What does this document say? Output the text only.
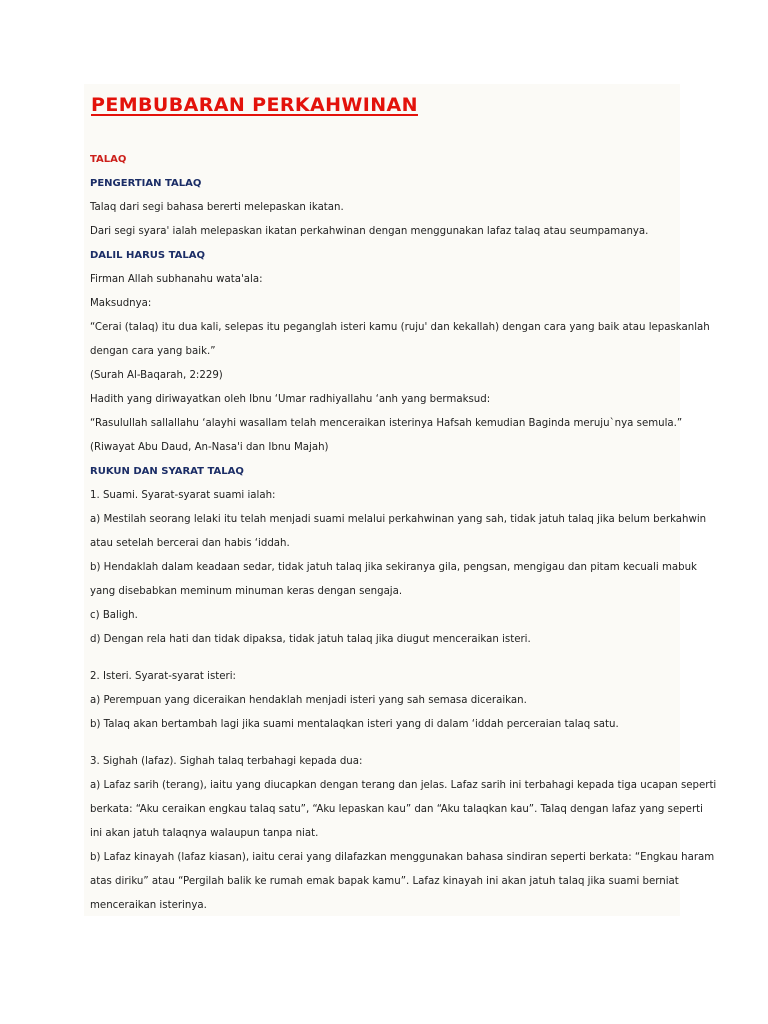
PEMBUBARAN PERKAHWINAN

TALAQ

PENGERTIAN TALAQ

Talaq dari segi bahasa bererti melepaskan ikatan.

Dari segi syara' ialah melepaskan ikatan perkahwinan dengan menggunakan lafaz talaq atau seumpamanya.

DALIL HARUS TALAQ

Firman Allah subhanahu wata'ala:

Maksudnya:

“Cerai (talaq) itu dua kali, selepas itu peganglah isteri kamu (ruju' dan kekallah) dengan cara yang baik atau lepaskanlah

dengan cara yang baik.”

(Surah Al-Baqarah, 2:229)

Hadith yang diriwayatkan oleh Ibnu ‘Umar radhiyallahu ‘anh yang bermaksud:

“Rasulullah sallallahu ‘alayhi wasallam telah menceraikan isterinya Hafsah kemudian Baginda meruju`nya semula.”

(Riwayat Abu Daud, An-Nasa'i dan Ibnu Majah)

RUKUN DAN SYARAT TALAQ

1. Suami. Syarat-syarat suami ialah:

a) Mestilah seorang lelaki itu telah menjadi suami melalui perkahwinan yang sah, tidak jatuh talaq jika belum berkahwin

atau setelah bercerai dan habis ‘iddah.

b) Hendaklah dalam keadaan sedar, tidak jatuh talaq jika sekiranya gila, pengsan, mengigau dan pitam kecuali mabuk

yang disebabkan meminum minuman keras dengan sengaja.

c) Baligh.

d) Dengan rela hati dan tidak dipaksa, tidak jatuh talaq jika diugut menceraikan isteri.

2. Isteri. Syarat-syarat isteri:

a) Perempuan yang diceraikan hendaklah menjadi isteri yang sah semasa diceraikan.

b) Talaq akan bertambah lagi jika suami mentalaqkan isteri yang di dalam ‘iddah perceraian talaq satu.

3. Sighah (lafaz). Sighah talaq terbahagi kepada dua:

a) Lafaz sarih (terang), iaitu yang diucapkan dengan terang dan jelas. Lafaz sarih ini terbahagi kepada tiga ucapan seperti

berkata: “Aku ceraikan engkau talaq satu”, “Aku lepaskan kau” dan “Aku talaqkan kau”. Talaq dengan lafaz yang seperti

ini akan jatuh talaqnya walaupun tanpa niat.

b) Lafaz kinayah (lafaz kiasan), iaitu cerai yang dilafazkan menggunakan bahasa sindiran seperti berkata: “Engkau haram

atas diriku” atau “Pergilah balik ke rumah emak bapak kamu”. Lafaz kinayah ini akan jatuh talaq jika suami berniat

menceraikan isterinya.
